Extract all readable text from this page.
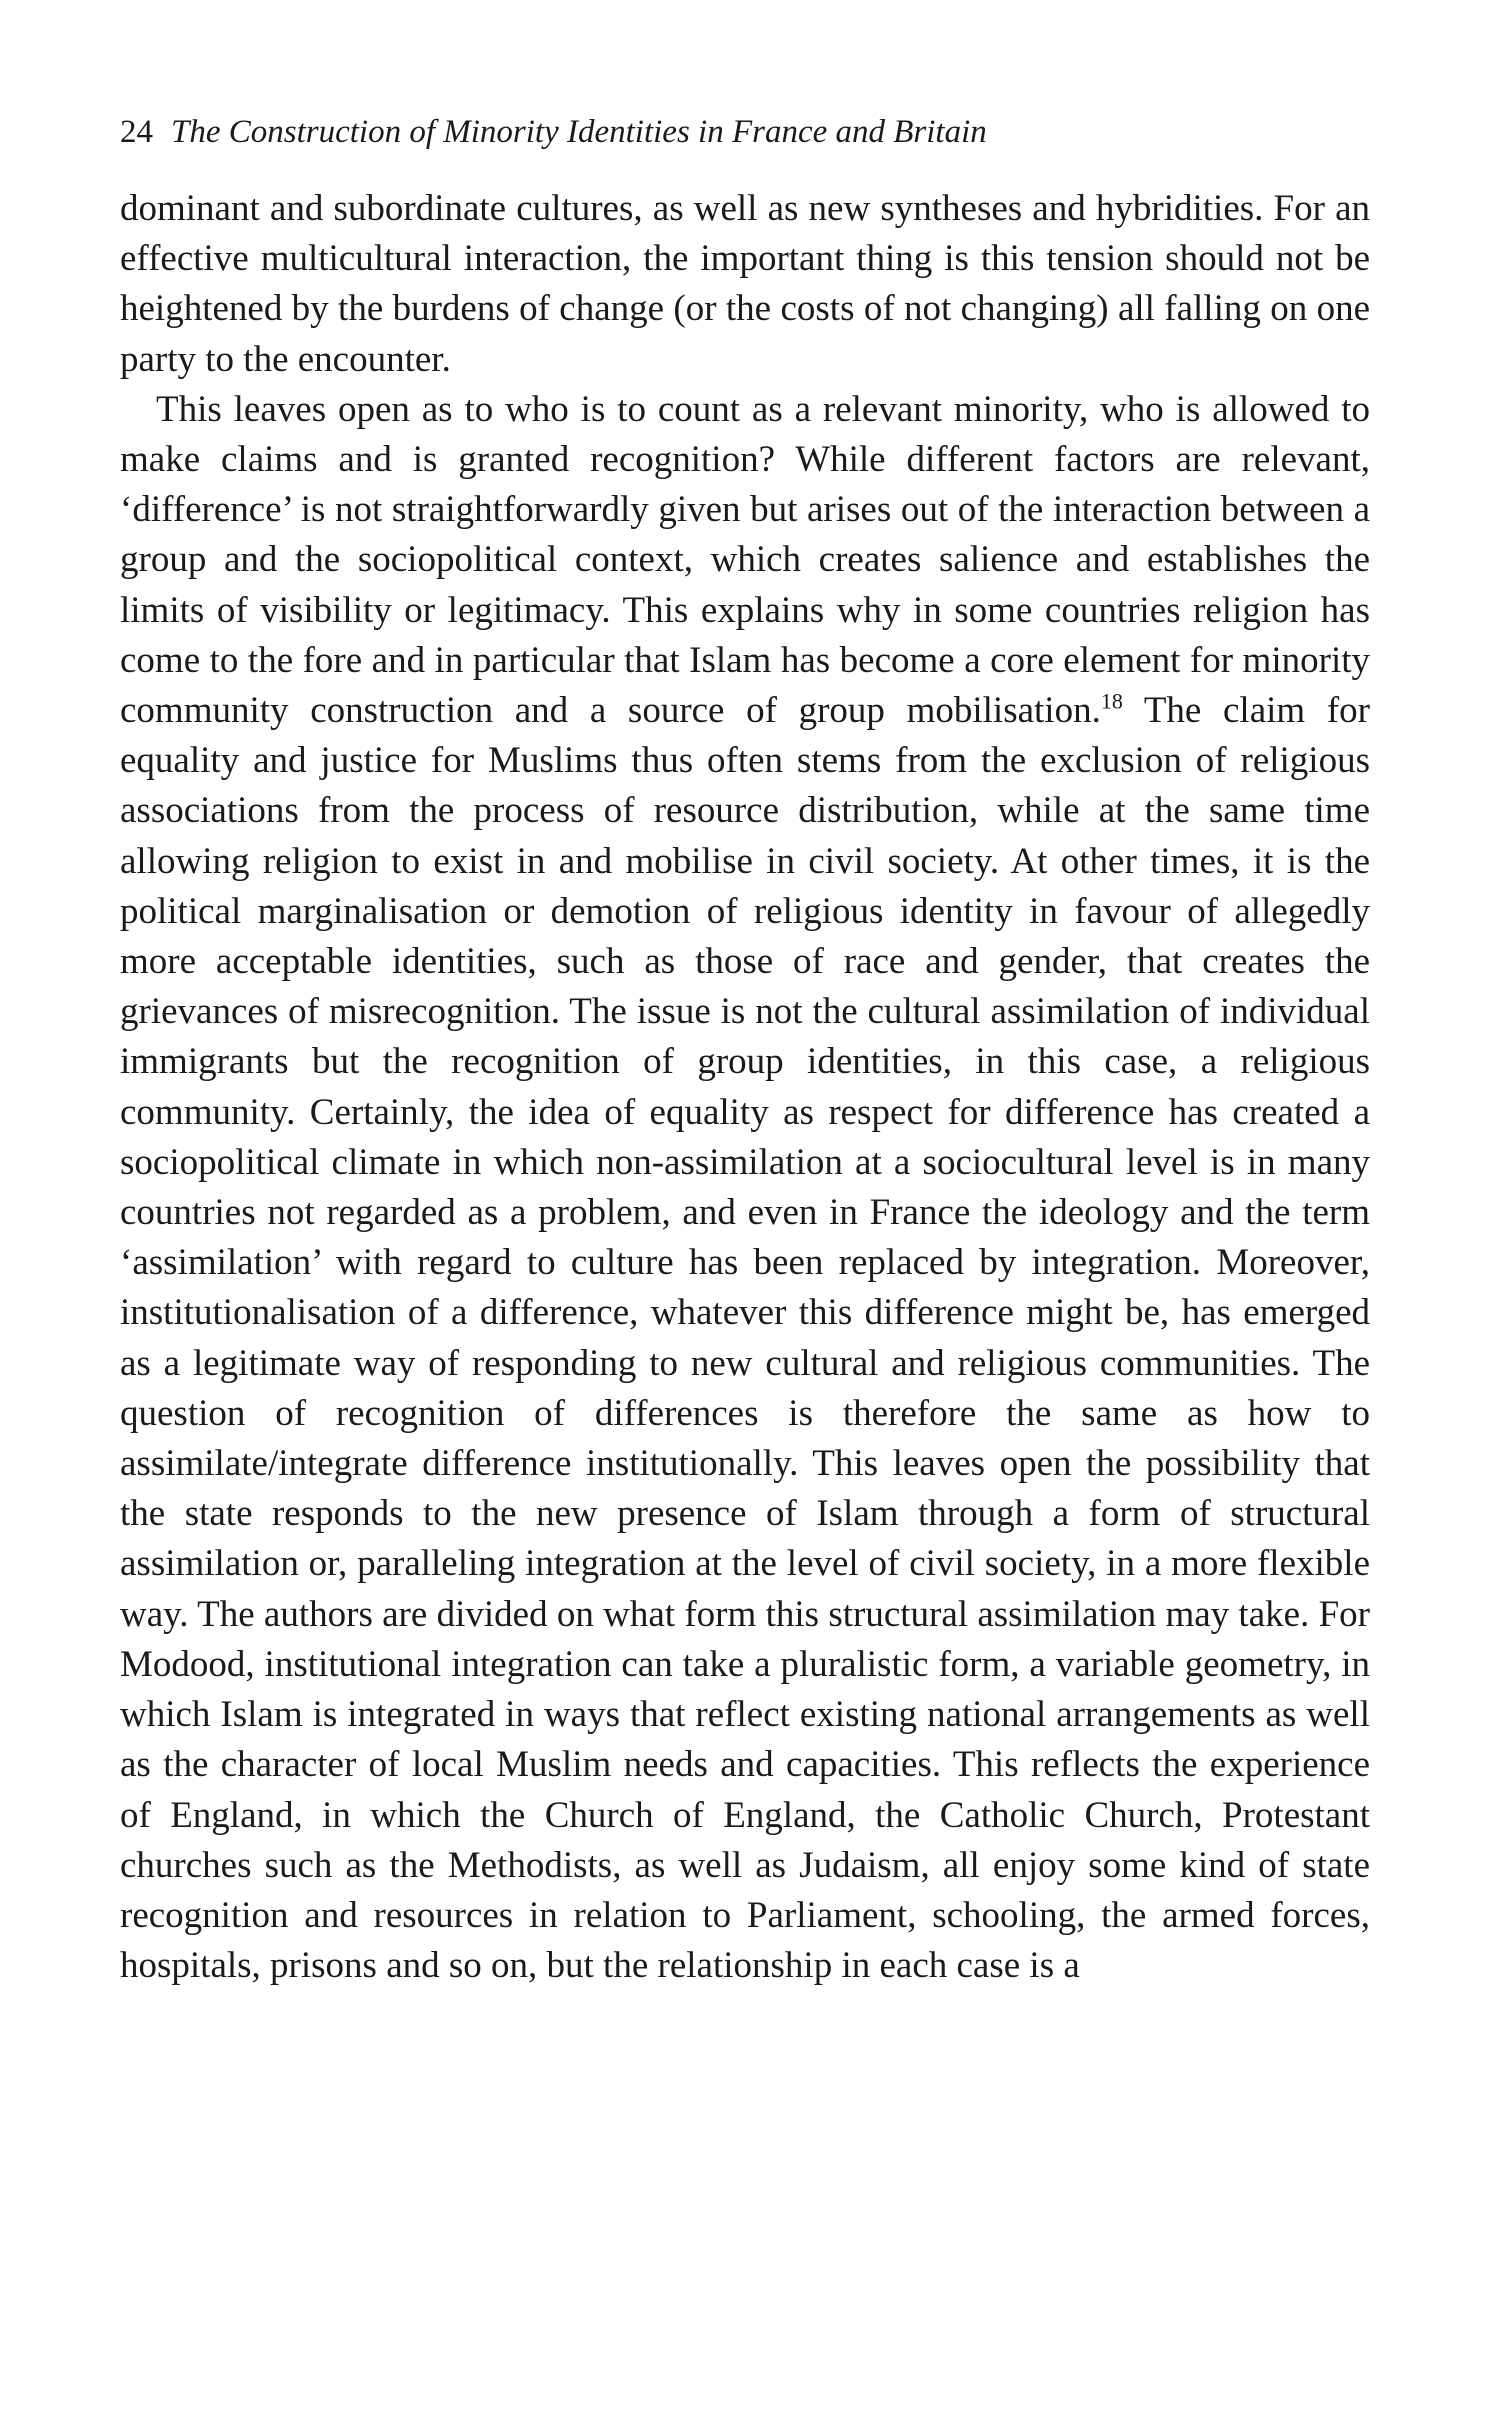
24 The Construction of Minority Identities in France and Britain

dominant and subordinate cultures, as well as new syntheses and hybridities. For an effective multicultural interaction, the important thing is this tension should not be heightened by the burdens of change (or the costs of not changing) all falling on one party to the encounter.

This leaves open as to who is to count as a relevant minority, who is allowed to make claims and is granted recognition? While different factors are relevant, ‘difference’ is not straightforwardly given but arises out of the interaction between a group and the sociopolitical context, which creates salience and establishes the limits of visibility or legitimacy. This explains why in some countries religion has come to the fore and in particular that Islam has become a core element for minority community construction and a source of group mobilisation.$^{18}$ The claim for equality and justice for Muslims thus often stems from the exclusion of religious associations from the process of resource distribution, while at the same time allowing religion to exist in and mobilise in civil society. At other times, it is the political marginalisation or demotion of religious identity in favour of allegedly more acceptable identities, such as those of race and gender, that creates the grievances of misrecognition. The issue is not the cultural assimilation of individual immigrants but the recognition of group identities, in this case, a religious community. Certainly, the idea of equality as respect for difference has created a sociopolitical climate in which non-assimilation at a sociocultural level is in many countries not regarded as a problem, and even in France the ideology and the term ‘assimilation’ with regard to culture has been replaced by integration. Moreover, institutionalisation of a difference, whatever this difference might be, has emerged as a legitimate way of responding to new cultural and religious communities. The question of recognition of differences is therefore the same as how to assimilate/integrate difference institutionally. This leaves open the possibility that the state responds to the new presence of Islam through a form of structural assimilation or, paralleling integration at the level of civil society, in a more flexible way. The authors are divided on what form this structural assimilation may take. For Modood, institutional integration can take a pluralistic form, a variable geometry, in which Islam is integrated in ways that reflect existing national arrangements as well as the character of local Muslim needs and capacities. This reflects the experience of England, in which the Church of England, the Catholic Church, Protestant churches such as the Methodists, as well as Judaism, all enjoy some kind of state recognition and resources in relation to Parliament, schooling, the armed forces, hospitals, prisons and so on, but the relationship in each case is a
